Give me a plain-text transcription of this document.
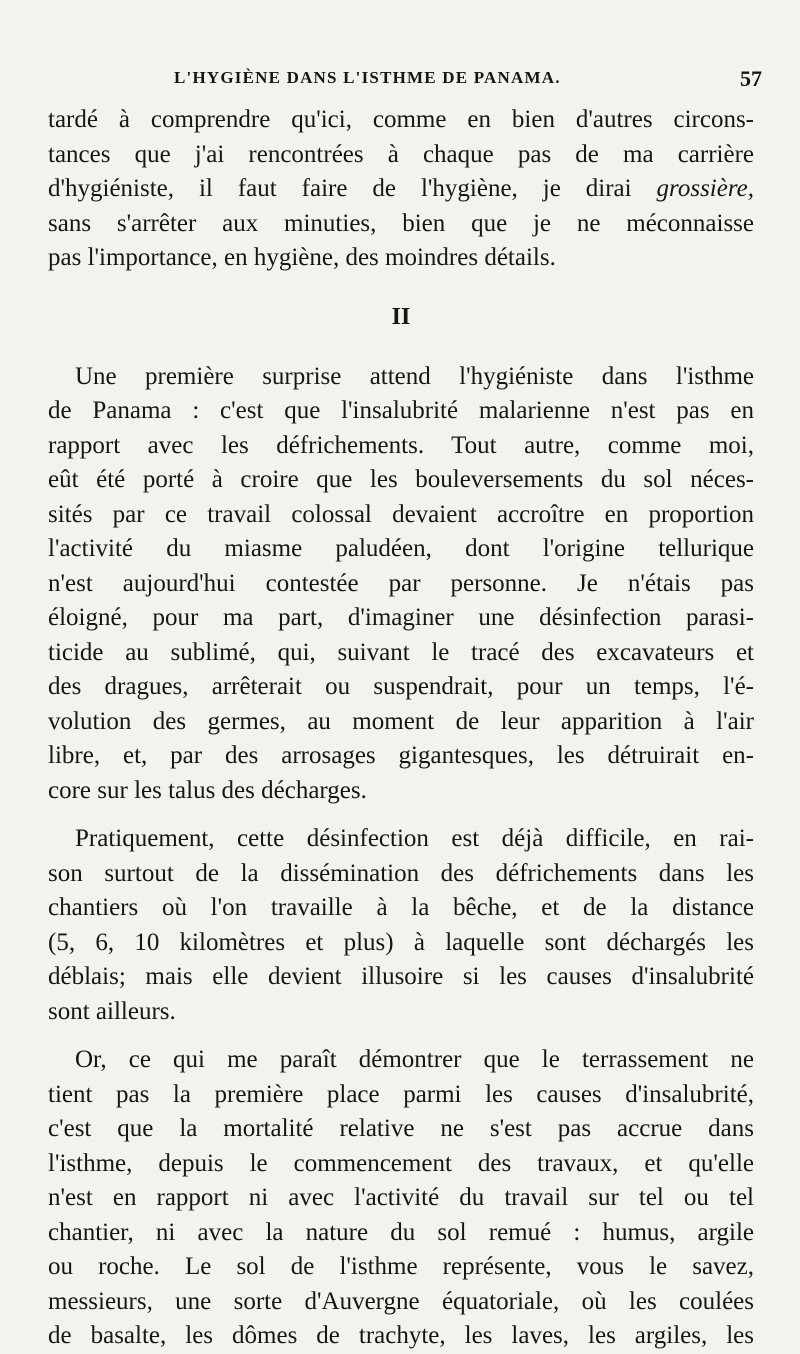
L'HYGIÈNE DANS L'ISTHME DE PANAMA.	57
tardé à comprendre qu'ici, comme en bien d'autres circons-
tances que j'ai rencontrées à chaque pas de ma carrière
d'hygiéniste, il faut faire de l'hygiène, je dirai grossière,
sans s'arrêter aux minuties, bien que je ne méconnaisse
pas l'importance, en hygiène, des moindres détails.
II
Une première surprise attend l'hygiéniste dans l'isthme
de Panama : c'est que l'insalubrité malarienne n'est pas en
rapport avec les défrichements. Tout autre, comme moi,
eût été porté à croire que les bouleversements du sol néces-
sités par ce travail colossal devaient accroître en proportion
l'activité du miasme paludéen, dont l'origine tellurique
n'est aujourd'hui contestée par personne. Je n'étais pas
éloigné, pour ma part, d'imaginer une désinfection parasi-
ticide au sublimé, qui, suivant le tracé des excavateurs et
des dragues, arrêterait ou suspendrait, pour un temps, l'é-
volution des germes, au moment de leur apparition à l'air
libre, et, par des arrosages gigantesques, les détruirait en-
core sur les talus des décharges.
Pratiquement, cette désinfection est déjà difficile, en rai-
son surtout de la dissémination des défrichements dans les
chantiers où l'on travaille à la bêche, et de la distance
(5, 6, 10 kilomètres et plus) à laquelle sont déchargés les
déblais; mais elle devient illusoire si les causes d'insalubrité
sont ailleurs.
Or, ce qui me paraît démontrer que le terrassement ne
tient pas la première place parmi les causes d'insalubrité,
c'est que la mortalité relative ne s'est pas accrue dans
l'isthme, depuis le commencement des travaux, et qu'elle
n'est en rapport ni avec l'activité du travail sur tel ou tel
chantier, ni avec la nature du sol remué : humus, argile
ou roche. Le sol de l'isthme représente, vous le savez,
messieurs, une sorte d'Auvergne équatoriale, où les coulées
de basalte, les dômes de trachyte, les laves, les argiles, les
